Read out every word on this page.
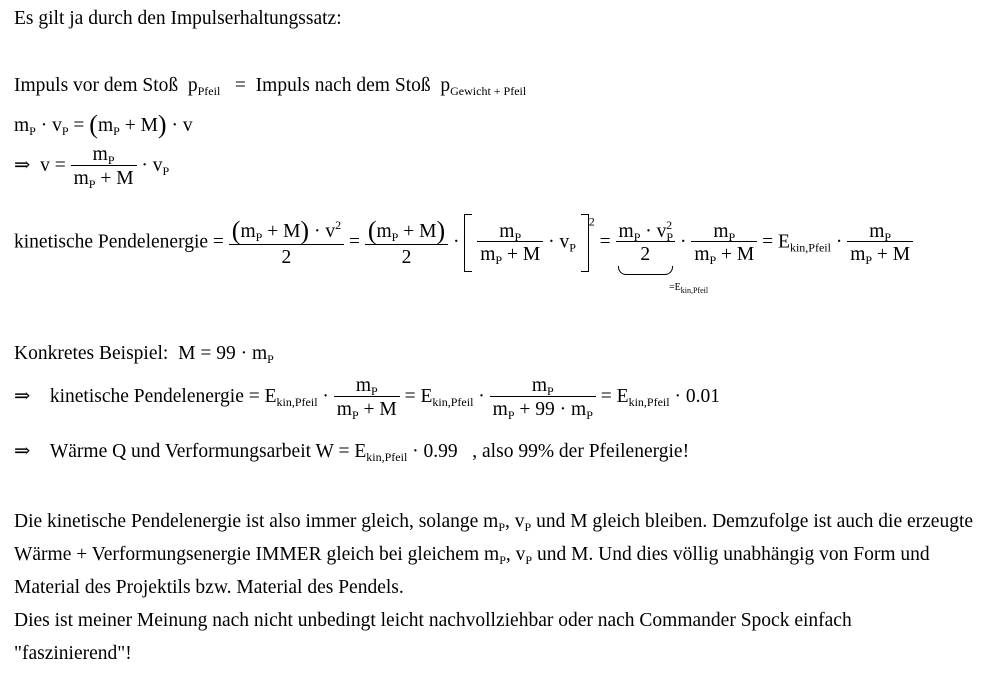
Es gilt ja durch den Impulserhaltungssatz:
Impuls vor dem Stoß $p_{Pfeil}$ = Impuls nach dem Stoß $p_{Gewicht + Pfeil}$
$m_P \cdot v_P = (m_P + M) \cdot v$
⇒ $v = \frac{m_P}{m_P + M} \cdot v_P$
kinetische Pendelenergie = $\frac{(m_P + M) \cdot v^2}{2} = \frac{(m_P + M)}{2} \cdot \frac{m_P}{m_P + M} \cdot v_P$ $^2 = \frac{m_P \cdot v_P^2}{2} \cdot \frac{m_P}{m_P + M} = E_{kin,Pfeil} \cdot \frac{m_P}{m_P + M}$
$=E_{kin,Pfeil}$
Konkretes Beispiel: $M = 99 \cdot m_P$
⇒ kinetische Pendelenergie = $E_{kin,Pfeil} \cdot \frac{m_P}{m_P + M} = E_{kin,Pfeil} \cdot \frac{m_P}{m_P + 99 \cdot m_P} = E_{kin,Pfeil} \cdot 0.01$
⇒ Wärme Q und Verformungsarbeit $W = E_{kin,Pfeil} \cdot 0.99$ , also 99% der Pfeilenergie!
Die kinetische Pendelenergie ist also immer gleich, solange $m_P$, $v_P$ und M gleich bleiben. Demzufolge ist auch die erzeugte Wärme + Verformungsenergie IMMER gleich bei gleichem $m_P$, $v_P$ und M. Und dies völlig unabhängig von Form und Material des Projektils bzw. Material des Pendels.
Dies ist meiner Meinung nach nicht unbedingt leicht nachvollziehbar oder nach Commander Spock einfach "faszinierend"!
